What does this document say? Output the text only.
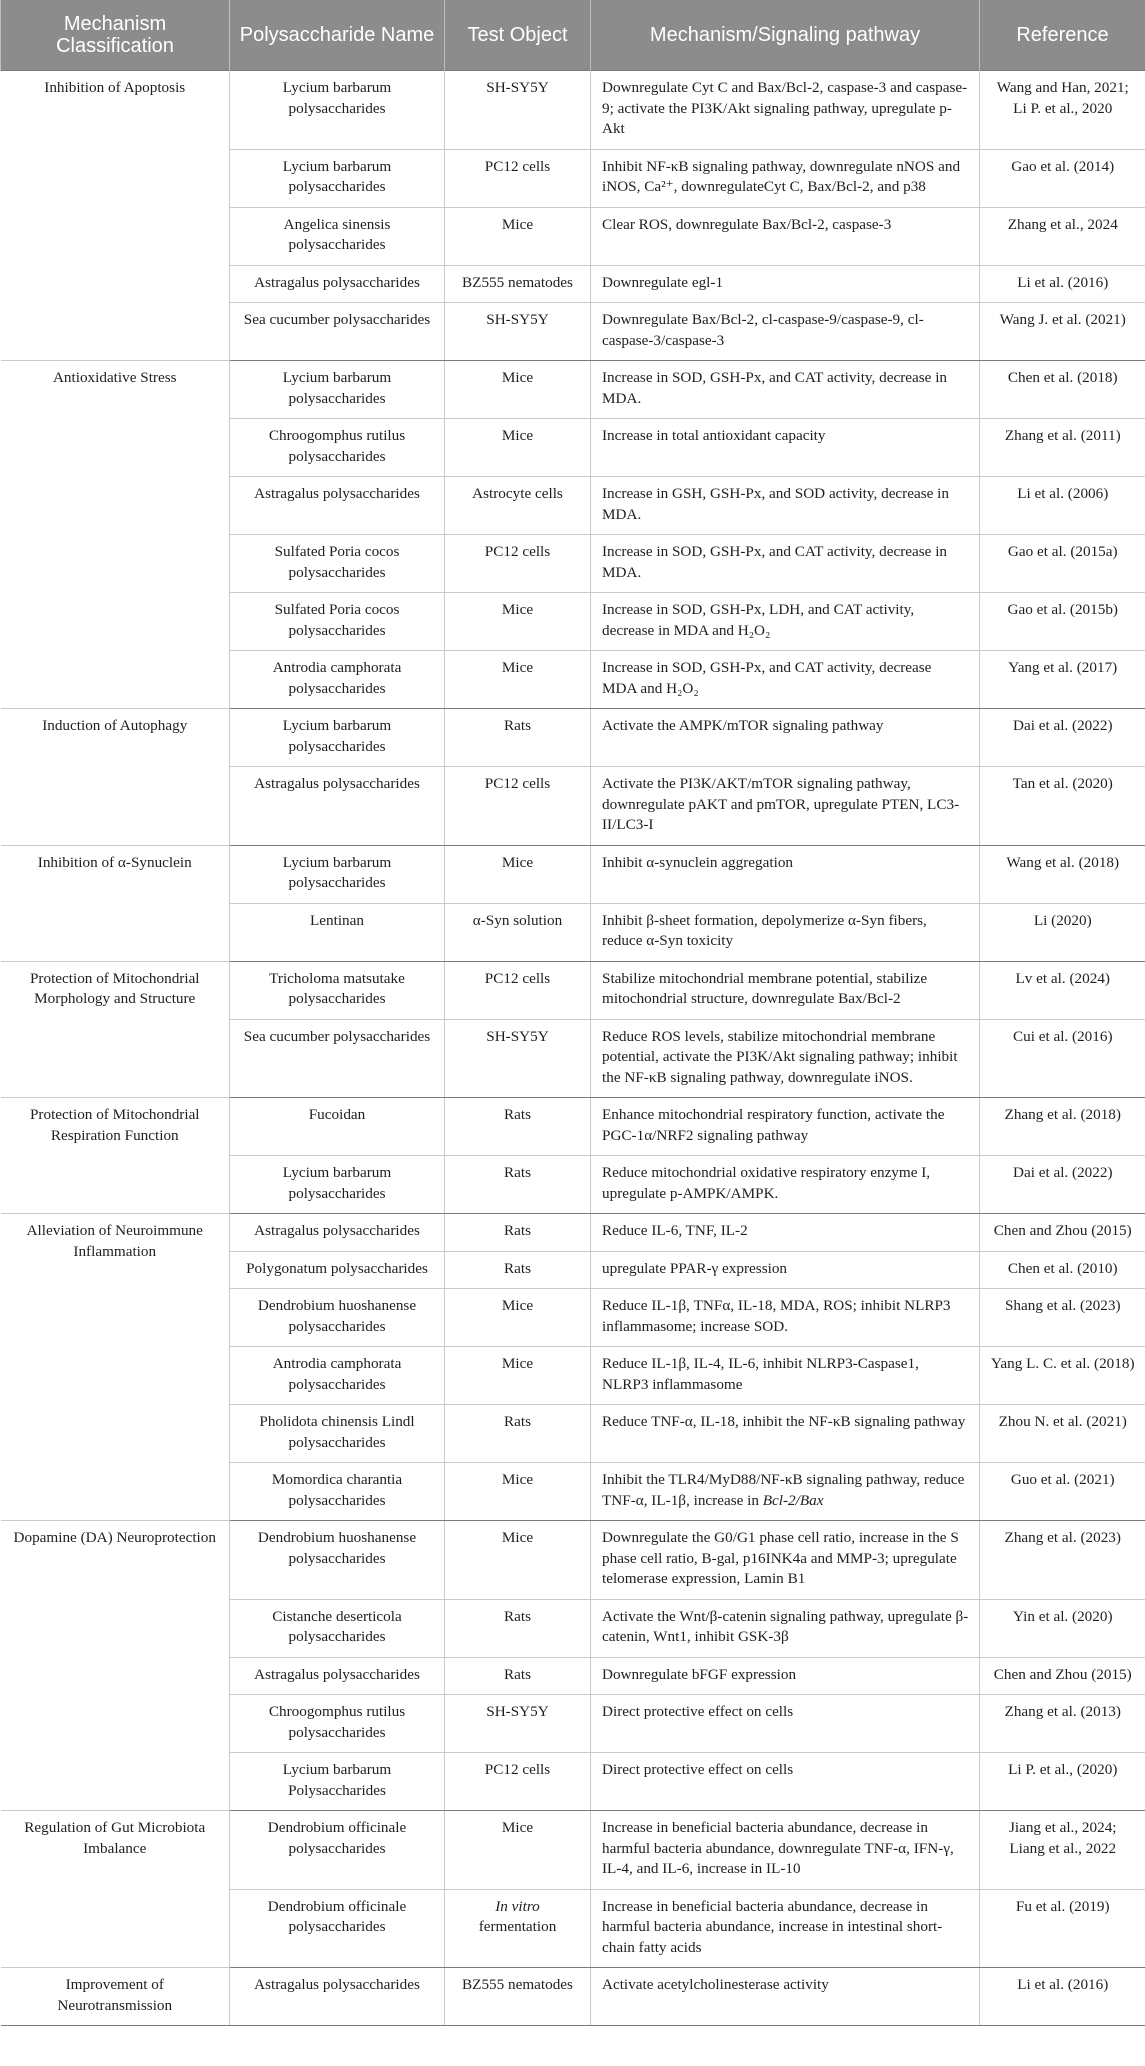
Mechanism Classification	Polysaccharide Name	Test Object	Mechanism/Signaling pathway	Reference
Inhibition of Apoptosis	Lycium barbarum polysaccharides	SH-SY5Y	Downregulate Cyt C and Bax/Bcl-2, caspase-3 and caspase-9; activate the PI3K/Akt signaling pathway, upregulate p-Akt	Wang and Han, 2021; Li P. et al., 2020
	Lycium barbarum polysaccharides	PC12 cells	Inhibit NF-κB signaling pathway, downregulate nNOS and iNOS, Ca²⁺, downregulateCyt C, Bax/Bcl-2, and p38	Gao et al. (2014)
	Angelica sinensis polysaccharides	Mice	Clear ROS, downregulate Bax/Bcl-2, caspase-3	Zhang et al., 2024
	Astragalus polysaccharides	BZ555 nematodes	Downregulate egl-1	Li et al. (2016)
	Sea cucumber polysaccharides	SH-SY5Y	Downregulate Bax/Bcl-2, cl-caspase-9/caspase-9, cl-caspase-3/caspase-3	Wang J. et al. (2021)
Antioxidative Stress	Lycium barbarum polysaccharides	Mice	Increase in SOD, GSH-Px, and CAT activity, decrease in MDA.	Chen et al. (2018)
	Chroogomphus rutilus polysaccharides	Mice	Increase in total antioxidant capacity	Zhang et al. (2011)
	Astragalus polysaccharides	Astrocyte cells	Increase in GSH, GSH-Px, and SOD activity, decrease in MDA.	Li et al. (2006)
	Sulfated Poria cocos polysaccharides	PC12 cells	Increase in SOD, GSH-Px, and CAT activity, decrease in MDA.	Gao et al. (2015a)
	Sulfated Poria cocos polysaccharides	Mice	Increase in SOD, GSH-Px, LDH, and CAT activity, decrease in MDA and H₂O₂	Gao et al. (2015b)
	Antrodia camphorata polysaccharides	Mice	Increase in SOD, GSH-Px, and CAT activity, decrease MDA and H₂O₂	Yang et al. (2017)
Induction of Autophagy	Lycium barbarum polysaccharides	Rats	Activate the AMPK/mTOR signaling pathway	Dai et al. (2022)
	Astragalus polysaccharides	PC12 cells	Activate the PI3K/AKT/mTOR signaling pathway, downregulate pAKT and pmTOR, upregulate PTEN, LC3-II/LC3-I	Tan et al. (2020)
Inhibition of α-Synuclein	Lycium barbarum polysaccharides	Mice	Inhibit α-synuclein aggregation	Wang et al. (2018)
	Lentinan	α-Syn solution	Inhibit β-sheet formation, depolymerize α-Syn fibers, reduce α-Syn toxicity	Li (2020)
Protection of Mitochondrial Morphology and Structure	Tricholoma matsutake polysaccharides	PC12 cells	Stabilize mitochondrial membrane potential, stabilize mitochondrial structure, downregulate Bax/Bcl-2	Lv et al. (2024)
	Sea cucumber polysaccharides	SH-SY5Y	Reduce ROS levels, stabilize mitochondrial membrane potential, activate the PI3K/Akt signaling pathway; inhibit the NF-κB signaling pathway, downregulate iNOS.	Cui et al. (2016)
Protection of Mitochondrial Respiration Function	Fucoidan	Rats	Enhance mitochondrial respiratory function, activate the PGC-1α/NRF2 signaling pathway	Zhang et al. (2018)
	Lycium barbarum polysaccharides	Rats	Reduce mitochondrial oxidative respiratory enzyme I, upregulate p-AMPK/AMPK.	Dai et al. (2022)
Alleviation of Neuroimmune Inflammation	Astragalus polysaccharides	Rats	Reduce IL-6, TNF, IL-2	Chen and Zhou (2015)
	Polygonatum polysaccharides	Rats	upregulate PPAR-γ expression	Chen et al. (2010)
	Dendrobium huoshanense polysaccharides	Mice	Reduce IL-1β, TNFα, IL-18, MDA, ROS; inhibit NLRP3 inflammasome; increase SOD.	Shang et al. (2023)
	Antrodia camphorata polysaccharides	Mice	Reduce IL-1β, IL-4, IL-6, inhibit NLRP3-Caspase1, NLRP3 inflammasome	Yang L. C. et al. (2018)
	Pholidota chinensis Lindl polysaccharides	Rats	Reduce TNF-α, IL-18, inhibit the NF-κB signaling pathway	Zhou N. et al. (2021)
	Momordica charantia polysaccharides	Mice	Inhibit the TLR4/MyD88/NF-κB signaling pathway, reduce TNF-α, IL-1β, increase in Bcl-2/Bax	Guo et al. (2021)
Dopamine (DA) Neuroprotection	Dendrobium huoshanense polysaccharides	Mice	Downregulate the G0/G1 phase cell ratio, increase in the S phase cell ratio, B-gal, p16INK4a and MMP-3; upregulate telomerase expression, Lamin B1	Zhang et al. (2023)
	Cistanche deserticola polysaccharides	Rats	Activate the Wnt/β-catenin signaling pathway, upregulate β-catenin, Wnt1, inhibit GSK-3β	Yin et al. (2020)
	Astragalus polysaccharides	Rats	Downregulate bFGF expression	Chen and Zhou (2015)
	Chroogomphus rutilus polysaccharides	SH-SY5Y	Direct protective effect on cells	Zhang et al. (2013)
	Lycium barbarum Polysaccharides	PC12 cells	Direct protective effect on cells	Li P. et al., (2020)
Regulation of Gut Microbiota Imbalance	Dendrobium officinale polysaccharides	Mice	Increase in beneficial bacteria abundance, decrease in harmful bacteria abundance, downregulate TNF-α, IFN-γ, IL-4, and IL-6, increase in IL-10	Jiang et al., 2024; Liang et al., 2022
	Dendrobium officinale polysaccharides	In vitro fermentation	Increase in beneficial bacteria abundance, decrease in harmful bacteria abundance, increase in intestinal short-chain fatty acids	Fu et al. (2019)
Improvement of Neurotransmission	Astragalus polysaccharides	BZ555 nematodes	Activate acetylcholinesterase activity	Li et al. (2016)
